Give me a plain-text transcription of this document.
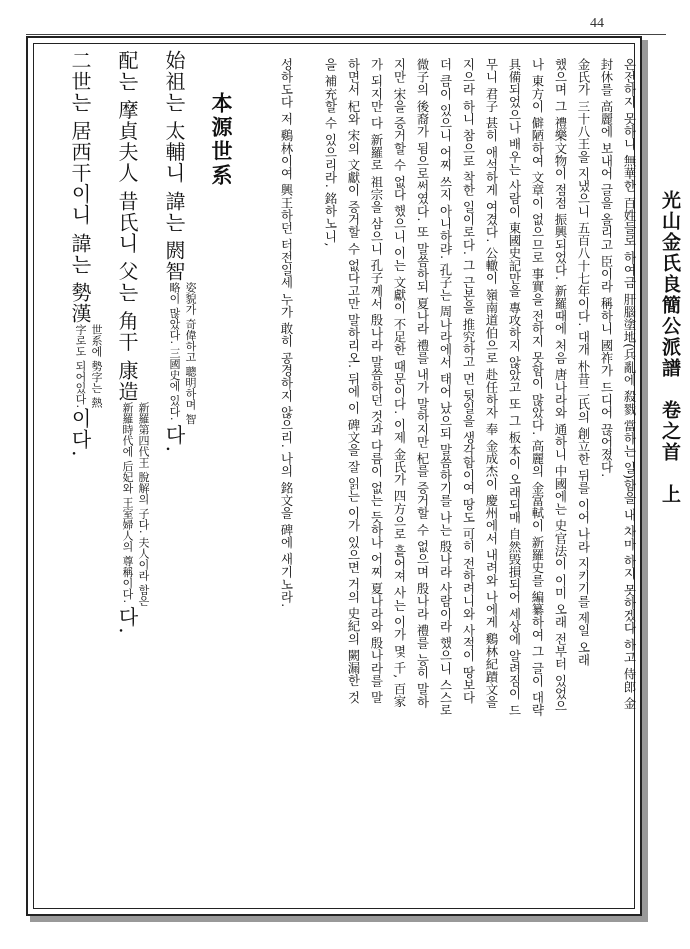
44
光山金氏良簡公派譜　卷之首　上
온전하지 못하니 無華한 百姓들로 하여금 肝腦塗地(兵亂에 殺戮 當하는 일)함을 내 차마 하지 못하겠다 하고 侍郎 金
封休를 高麗에 보내어 글을 올리고 臣이라 稱하니 國祚가 드디어 끊어졌다.
金氏가 三十八王을 지냈으니 五百八十七年이다. 대개 朴昔二氏의 創立한 뒤를 이어 나라 지키기를 제일 오래
했으며 그 禮樂文物이 점점 振興되었다. 新羅때에 처음 唐나라와 通하니 中國에는 史官法이 이미 오래 전부터 있었으
나 東方이 僻陋하여 文章이 없으므로 事實을 전하지 못함이 많았다. 高麗의 金富軾이 新羅史를 編纂하여 그 글이 대략
具備되었으나 배우는 사람이 東國史記만을 專攻하지 않았고 또 그 板本이 오래되매 自然毁損되어 세상에 알려짐이 드
무니 君子 甚히 애석하게 여겼다. 公轍이 嶺南道伯으로 赴任하자 奉 金成杰이 慶州에서 내려와 나에게 鷄林紀蹟文을
지으라 하니 참으로 착한 일이로다. 그 근본을 推究하고 먼 뒷일을 생각함이여 땅도 可히 전하려니와 사적이 땅보다
더 큼이 있으니 어찌 쓰지 아니하랴. 孔子는 周나라에서 태어 났으되 말씀하기를 나는 殷나라 사람이라 했으니 스스로
微子의 後裔가 됨으로써였다. 또 말씀하되 夏나라 禮를 내가 말하지만 杞를 증거할 수 없으며 殷나라 禮를 능히 말하
지만 宋을 증거할 수 없다 했으니 이는 文獻이 不足한 때문이다. 이제 金氏가 四方으로 흩어져 사는 이가 몇 千, 百家
가 되지만 다 新羅로 祖宗을 삼으니 孔子께서 殷나라 말씀하던 것과 다름이 없는 듯하나 어찌 夏나라와 殷나라를 말
하면서 杞와 宋의 文獻이 증거할 수 없다고만 말하리오. 뒤에 이 碑文을 잘 읽는 이가 있으면 거의 史紀의 闕漏한 것
을 補充할 수 있으리라. 銘하노니,
성하도다 저 鷄林이여 興王하던 터전일세 누가 敢히 공경하지 않으리. 나의 銘文을 碑에 새기노라.
本源世系
始祖는 太輔니 諱는 閼智
姿貌가 奇偉하고 聰明하며 智
略이 많았다. 三國史에 있다.
다.
配는 摩貞夫人 昔氏니 父는 角干 康造
新羅第四代王 脫解의 子다. 夫人이라 함은
新羅時代에 后妃와 王室婦人의 尊稱이다.
다.
二世는 居西干이니 諱는 勢漢
世系에 勢字는 熱
字로도 되어있다.
이다.
